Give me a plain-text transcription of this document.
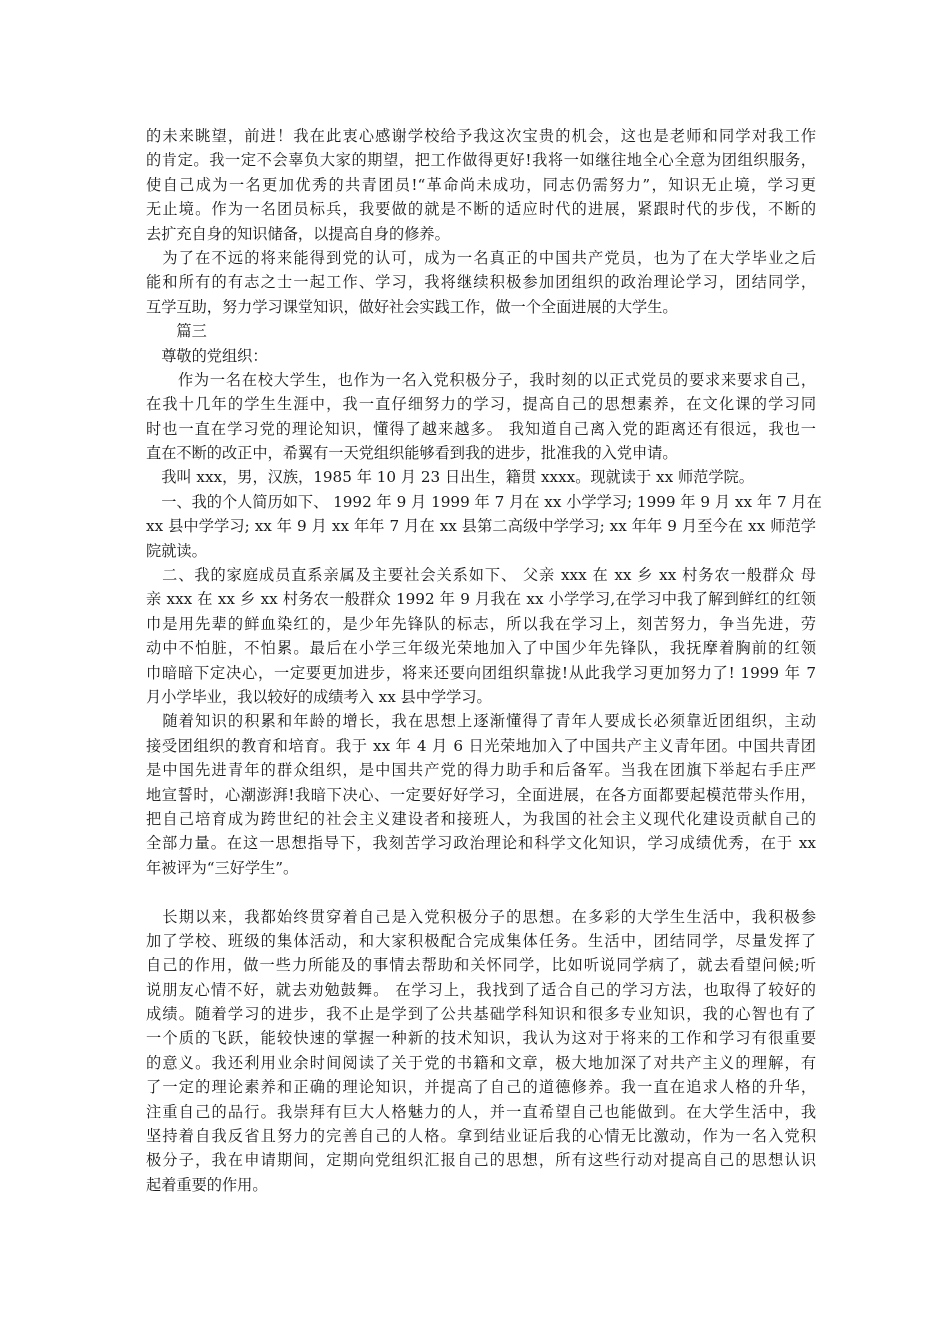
的未来眺望，前进！我在此衷心感谢学校给予我这次宝贵的机会，这也是老师和同学对我工作
的肯定。我一定不会辜负大家的期望，把工作做得更好!我将一如继往地全心全意为团组织服务，
使自己成为一名更加优秀的共青团员!“革命尚未成功，同志仍需努力”，知识无止境，学习更
无止境。作为一名团员标兵，我要做的就是不断的适应时代的进展，紧跟时代的步伐，不断的
去扩充自身的知识储备，以提高自身的修养。
　为了在不远的将来能得到党的认可，成为一名真正的中国共产党员，也为了在大学毕业之后
能和所有的有志之士一起工作、学习，我将继续积极参加团组织的政治理论学习，团结同学，
互学互助，努力学习课堂知识，做好社会实践工作，做一个全面进展的大学生。
　　篇三
　尊敬的党组织：
　　作为一名在校大学生，也作为一名入党积极分子，我时刻的以正式党员的要求来要求自己，
在我十几年的学生生涯中，我一直仔细努力的学习，提高自己的思想素养，在文化课的学习同
时也一直在学习党的理论知识，懂得了越来越多。 我知道自己离入党的距离还有很远，我也一
直在不断的改正中，希翼有一天党组织能够看到我的进步，批准我的入党申请。
　我叫 xxx，男，汉族，1985 年 10 月 23 日出生，籍贯 xxxx。现就读于 xx 师范学院。
　一、我的个人简历如下、 1992 年 9 月 1999 年 7 月在 xx 小学学习; 1999 年 9 月 xx 年 7 月在
xx 县中学学习; xx 年 9 月 xx 年年 7 月在 xx 县第二高级中学学习; xx 年年 9 月至今在 xx 师范学
院就读。
　二、我的家庭成员直系亲属及主要社会关系如下、 父亲 xxx 在 xx 乡 xx 村务农一般群众 母
亲 xxx 在 xx 乡 xx 村务农一般群众 1992 年 9 月我在 xx 小学学习,在学习中我了解到鲜红的红领
巾是用先辈的鲜血染红的，是少年先锋队的标志，所以我在学习上，刻苦努力，争当先进，劳
动中不怕脏，不怕累。最后在小学三年级光荣地加入了中国少年先锋队，我抚摩着胸前的红领
巾暗暗下定决心，一定要更加进步，将来还要向团组织靠拢!从此我学习更加努力了! 1999 年 7
月小学毕业，我以较好的成绩考入 xx 县中学学习。
　随着知识的积累和年龄的增长，我在思想上逐渐懂得了青年人要成长必须靠近团组织，主动
接受团组织的教育和培育。我于 xx 年 4 月 6 日光荣地加入了中国共产主义青年团。中国共青团
是中国先进青年的群众组织，是中国共产党的得力助手和后备军。当我在团旗下举起右手庄严
地宣誓时，心潮澎湃!我暗下决心、一定要好好学习，全面进展，在各方面都要起模范带头作用，
把自己培育成为跨世纪的社会主义建设者和接班人，为我国的社会主义现代化建设贡献自己的
全部力量。在这一思想指导下，我刻苦学习政治理论和科学文化知识，学习成绩优秀，在于 xx
年被评为“三好学生”。
　长期以来，我都始终贯穿着自己是入党积极分子的思想。在多彩的大学生生活中，我积极参
加了学校、班级的集体活动，和大家积极配合完成集体任务。生活中，团结同学，尽量发挥了
自己的作用，做一些力所能及的事情去帮助和关怀同学，比如听说同学病了，就去看望问候;听
说朋友心情不好，就去劝勉鼓舞。 在学习上，我找到了适合自己的学习方法，也取得了较好的
成绩。随着学习的进步，我不止是学到了公共基础学科知识和很多专业知识，我的心智也有了
一个质的飞跃，能较快速的掌握一种新的技术知识，我认为这对于将来的工作和学习有很重要
的意义。我还利用业余时间阅读了关于党的书籍和文章，极大地加深了对共产主义的理解，有
了一定的理论素养和正确的理论知识，并提高了自己的道德修养。我一直在追求人格的升华，
注重自己的品行。我崇拜有巨大人格魅力的人，并一直希望自己也能做到。在大学生活中，我
坚持着自我反省且努力的完善自己的人格。拿到结业证后我的心情无比激动，作为一名入党积
极分子，我在申请期间，定期向党组织汇报自己的思想，所有这些行动对提高自己的思想认识
起着重要的作用。
